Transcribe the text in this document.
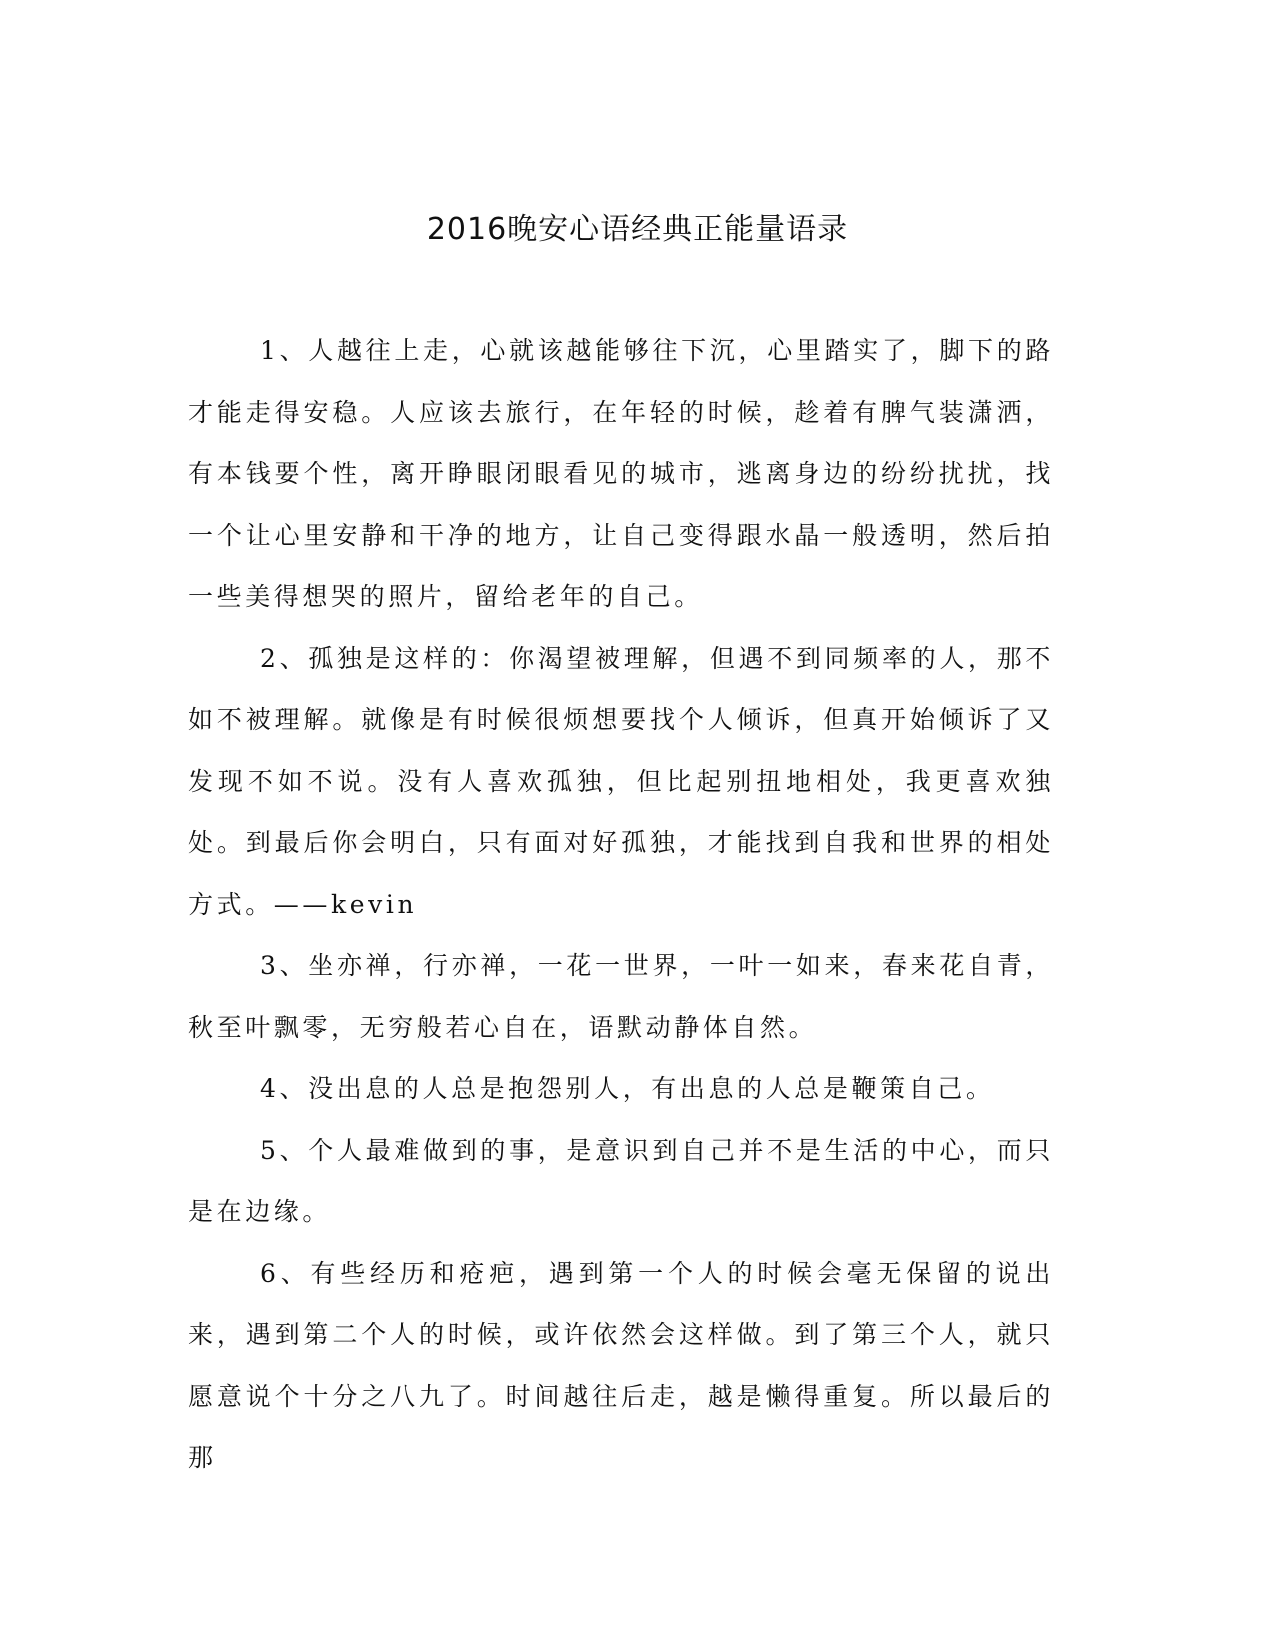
2016晚安心语经典正能量语录

1、人越往上走，心就该越能够往下沉，心里踏实了，脚下的路才能走得安稳。人应该去旅行，在年轻的时候，趁着有脾气装潇洒，有本钱要个性，离开睁眼闭眼看见的城市，逃离身边的纷纷扰扰，找一个让心里安静和干净的地方，让自己变得跟水晶一般透明，然后拍一些美得想哭的照片，留给老年的自己。

2、孤独是这样的：你渴望被理解，但遇不到同频率的人，那不如不被理解。就像是有时候很烦想要找个人倾诉，但真开始倾诉了又发现不如不说。没有人喜欢孤独，但比起别扭地相处，我更喜欢独处。到最后你会明白，只有面对好孤独，才能找到自我和世界的相处方式。——kevin

3、坐亦禅，行亦禅，一花一世界，一叶一如来，春来花自青，秋至叶飘零，无穷般若心自在，语默动静体自然。

4、没出息的人总是抱怨别人，有出息的人总是鞭策自己。

5、个人最难做到的事，是意识到自己并不是生活的中心，而只是在边缘。

6、有些经历和疮疤，遇到第一个人的时候会毫无保留的说出来，遇到第二个人的时候，或许依然会这样做。到了第三个人，就只愿意说个十分之八九了。时间越往后走，越是懒得重复。所以最后的那
